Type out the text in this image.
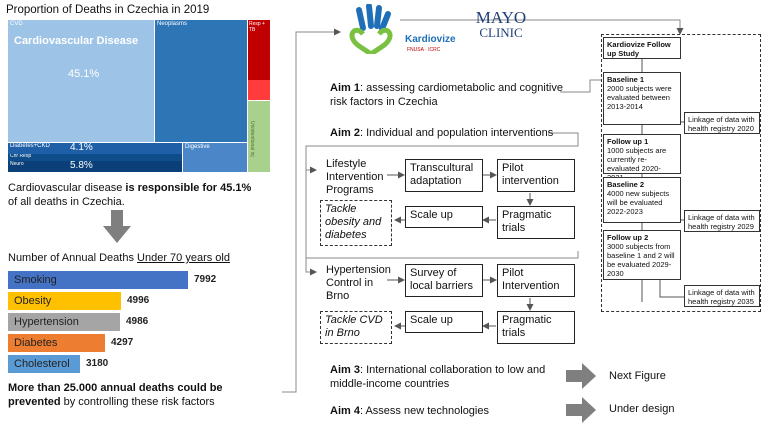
Proportion of Deaths in Czechia in 2019
CVD
Cardiovascular Disease
45.1%
Neoplasms	Resp + TB
Unintentional inj
Diabetes+CKD 4.1%	Digestive
Chr Resp
Neuro	5.8%
Cardiovascular disease is responsible for 45.1%
of all deaths in Czechia.
Number of Annual Deaths Under 70 years old
Smoking	7992
Obesity	4996
Hypertension	4986
Diabetes	4297
Cholesterol	3180
More than 25.000 annual deaths could be
prevented by controlling these risk factors
Kardiovize
FNUSA · ICRC
MAYO
CLINIC
Aim 1: assessing cardiometabolic and cognitive
risk factors in Czechia
Aim 2: Individual and population interventions
Lifestyle
Intervention
Programs
Transcultural adaptation
Pilot intervention
Pragmatic trials
Scale up
Tackle obesity and diabetes
Hypertension
Control in
Brno
Survey of local barriers
Pilot Intervention
Pragmatic trials
Scale up
Tackle CVD in Brno
Aim 3: International collaboration to low and
middle-income countries
Aim 4: Assess new technologies
Next Figure
Under design
Kardiovize Follow up Study
Baseline 1
2000 subjects were evaluated between 2013-2014
Linkage of data with health registry 2020
Follow up 1
1000 subjects are currently re-evaluated 2020-
Baseline 2
4000 new subjects will be evaluated 2022-2023
Linkage of data with health registry 2029
Follow up 2
3000 subjects from baseline 1 and 2 will be evaluated 2029-2030
Linkage of data with health registry 2035
